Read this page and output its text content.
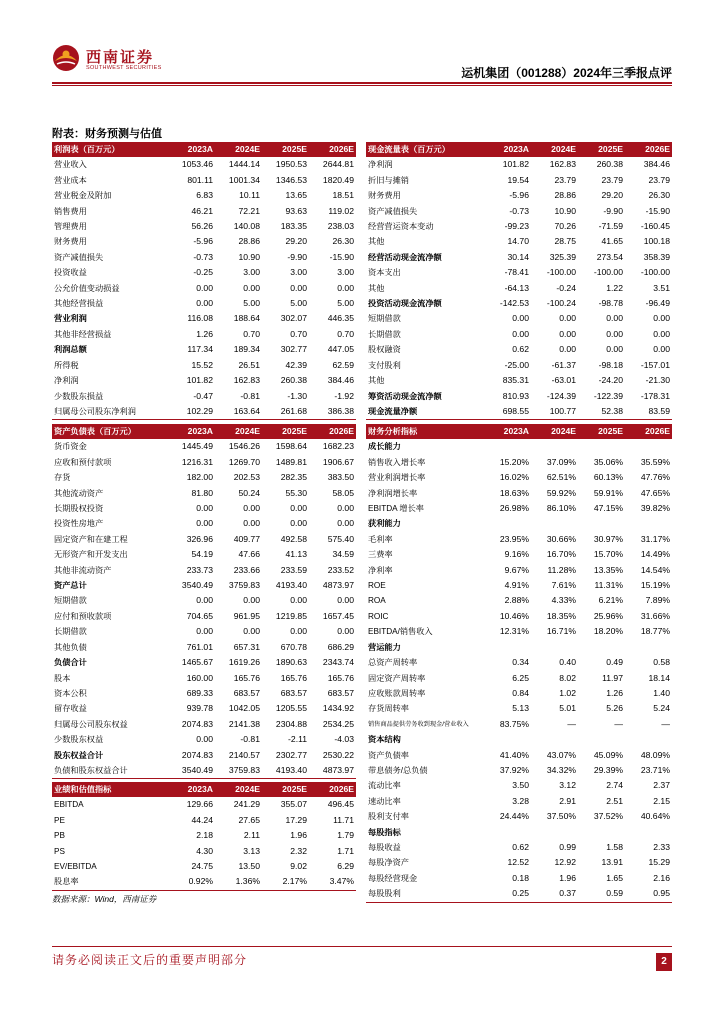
西南证券
SOUTHWEST SECURITIES	运机集团（001288）2024年三季报点评
附表：财务预测与估值
利润表（百万元）	2023A	2024E	2025E	2026E
营业收入	1053.46	1444.14	1950.53	2644.81
营业成本	801.11	1001.34	1346.53	1820.49
营业税金及附加	6.83	10.11	13.65	18.51
销售费用	46.21	72.21	93.63	119.02
管理费用	56.26	140.08	183.35	238.03
财务费用	-5.96	28.86	29.20	26.30
资产减值损失	-0.73	10.90	-9.90	-15.90
投资收益	-0.25	3.00	3.00	3.00
公允价值变动损益	0.00	0.00	0.00	0.00
其他经营损益	0.00	5.00	5.00	5.00
营业利润	116.08	188.64	302.07	446.35
其他非经营损益	1.26	0.70	0.70	0.70
利润总额	117.34	189.34	302.77	447.05
所得税	15.52	26.51	42.39	62.59
净利润	101.82	162.83	260.38	384.46
少数股东损益	-0.47	-0.81	-1.30	-1.92
归属母公司股东净利润	102.29	163.64	261.68	386.38
现金流量表（百万元）	2023A	2024E	2025E	2026E
净利润	101.82	162.83	260.38	384.46
折旧与摊销	19.54	23.79	23.79	23.79
财务费用	-5.96	28.86	29.20	26.30
资产减值损失	-0.73	10.90	-9.90	-15.90
经营营运资本变动	-99.23	70.26	-71.59	-160.45
其他	14.70	28.75	41.65	100.18
经营活动现金流净额	30.14	325.39	273.54	358.39
资本支出	-78.41	-100.00	-100.00	-100.00
其他	-64.13	-0.24	1.22	3.51
投资活动现金流净额	-142.53	-100.24	-98.78	-96.49
短期借款	0.00	0.00	0.00	0.00
长期借款	0.00	0.00	0.00	0.00
股权融资	0.62	0.00	0.00	0.00
支付股利	-25.00	-61.37	-98.18	-157.01
其他	835.31	-63.01	-24.20	-21.30
筹资活动现金流净额	810.93	-124.39	-122.39	-178.31
现金流量净额	698.55	100.77	52.38	83.59
资产负债表（百万元）	2023A	2024E	2025E	2026E
货币资金	1445.49	1546.26	1598.64	1682.23
应收和预付款项	1216.31	1269.70	1489.81	1906.67
存货	182.00	202.53	282.35	383.50
其他流动资产	81.80	50.24	55.30	58.05
长期股权投资	0.00	0.00	0.00	0.00
投资性房地产	0.00	0.00	0.00	0.00
固定资产和在建工程	326.96	409.77	492.58	575.40
无形资产和开发支出	54.19	47.66	41.13	34.59
其他非流动资产	233.73	233.66	233.59	233.52
资产总计	3540.49	3759.83	4193.40	4873.97
短期借款	0.00	0.00	0.00	0.00
应付和预收款项	704.65	961.95	1219.85	1657.45
长期借款	0.00	0.00	0.00	0.00
其他负债	761.01	657.31	670.78	686.29
负债合计	1465.67	1619.26	1890.63	2343.74
股本	160.00	165.76	165.76	165.76
资本公积	689.33	683.57	683.57	683.57
留存收益	939.78	1042.05	1205.55	1434.92
归属母公司股东权益	2074.83	2141.38	2304.88	2534.25
少数股东权益	0.00	-0.81	-2.11	-4.03
股东权益合计	2074.83	2140.57	2302.77	2530.22
负债和股东权益合计	3540.49	3759.83	4193.40	4873.97
财务分析指标	2023A	2024E	2025E	2026E
成长能力				
销售收入增长率	15.20%	37.09%	35.06%	35.59%
营业利润增长率	16.02%	62.51%	60.13%	47.76%
净利润增长率	18.63%	59.92%	59.91%	47.65%
EBITDA 增长率	26.98%	86.10%	47.15%	39.82%
获利能力				
毛利率	23.95%	30.66%	30.97%	31.17%
三费率	9.16%	16.70%	15.70%	14.49%
净利率	9.67%	11.28%	13.35%	14.54%
ROE	4.91%	7.61%	11.31%	15.19%
ROA	2.88%	4.33%	6.21%	7.89%
ROIC	10.46%	18.35%	25.96%	31.66%
EBITDA/销售收入	12.31%	16.71%	18.20%	18.77%
营运能力				
总资产周转率	0.34	0.40	0.49	0.58
固定资产周转率	6.25	8.02	11.97	18.14
应收账款周转率	0.84	1.02	1.26	1.40
存货周转率	5.13	5.01	5.26	5.24
销售商品提供劳务收到现金/营业收入	83.75%	—	—	—
资本结构				
资产负债率	41.40%	43.07%	45.09%	48.09%
带息债务/总负债	37.92%	34.32%	29.39%	23.71%
流动比率	3.50	3.12	2.74	2.37
速动比率	3.28	2.91	2.51	2.15
股利支付率	24.44%	37.50%	37.52%	40.64%
每股指标				
每股收益	0.62	0.99	1.58	2.33
每股净资产	12.52	12.92	13.91	15.29
每股经营现金	0.18	1.96	1.65	2.16
每股股利	0.25	0.37	0.59	0.95
业绩和估值指标	2023A	2024E	2025E	2026E
EBITDA	129.66	241.29	355.07	496.45
PE	44.24	27.65	17.29	11.71
PB	2.18	2.11	1.96	1.79
PS	4.30	3.13	2.32	1.71
EV/EBITDA	24.75	13.50	9.02	6.29
股息率	0.92%	1.36%	2.17%	3.47%
数据来源：Wind，西南证券
请务必阅读正文后的重要声明部分	2
